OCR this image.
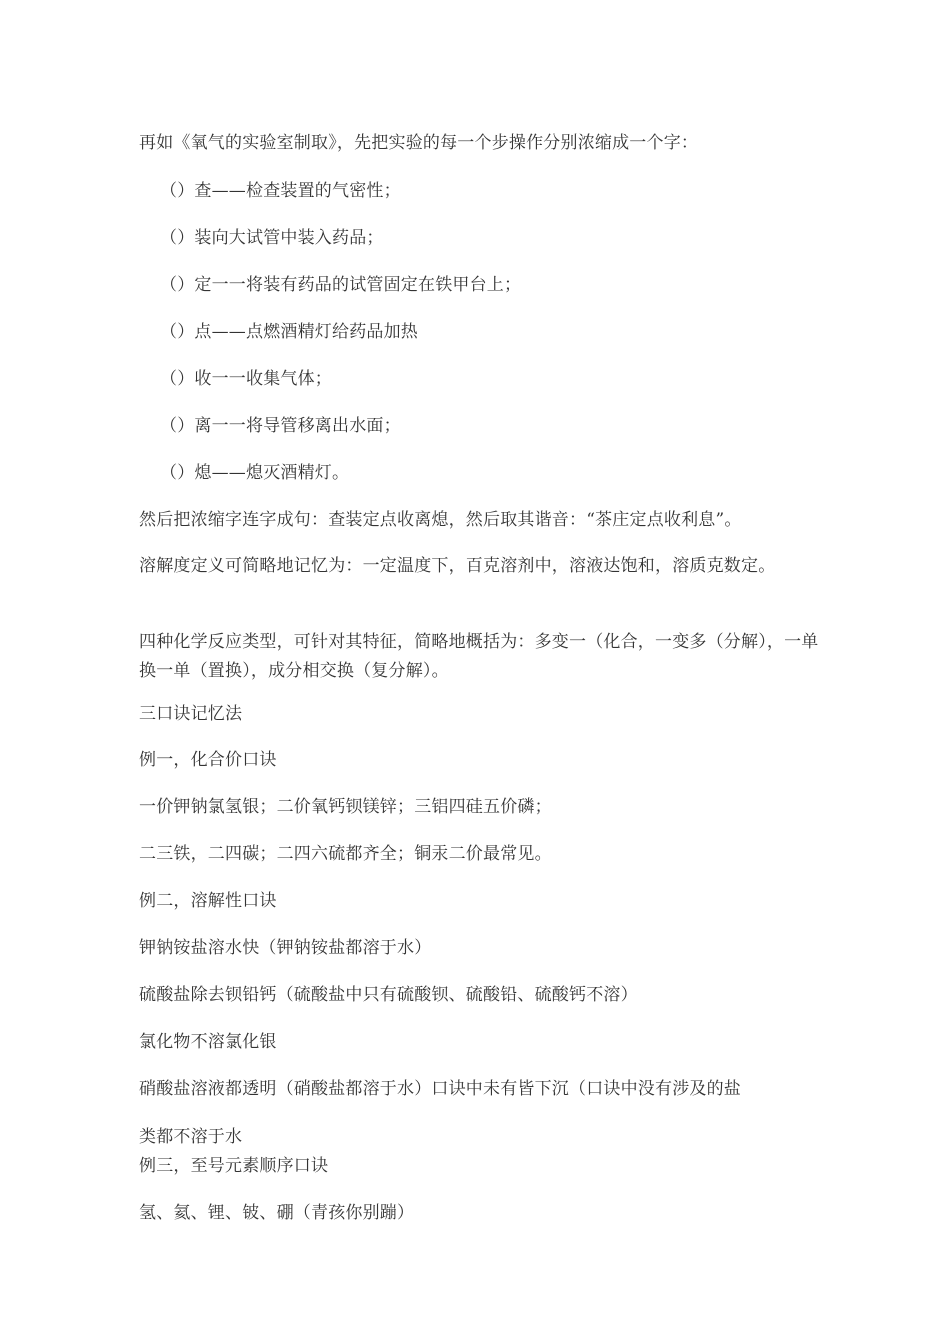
再如《氧气的实验室制取》，先把实验的每一个步操作分别浓缩成一个字：
（）查——检查装置的气密性；
（）装向大试管中装入药品；
（）定一一将装有药品的试管固定在铁甲台上；
（）点——点燃酒精灯给药品加热
（）收一一收集气体；
（）离一一将导管移离出水面；
（）熄——熄灭酒精灯。
然后把浓缩字连字成句：查装定点收离熄，然后取其谐音：“茶庄定点收利息”。
溶解度定义可简略地记忆为：一定温度下，百克溶剂中，溶液达饱和，溶质克数定。
四种化学反应类型，可针对其特征，简略地概括为：多变一（化合，一变多（分解），一单换一单（置换），成分相交换（复分解）。
三口诀记忆法
例一，化合价口诀
一价钾钠氯氢银；二价氧钙钡镁锌；三铝四硅五价磷；
二三铁，二四碳；二四六硫都齐全；铜汞二价最常见。
例二，溶解性口诀
钾钠铵盐溶水快（钾钠铵盐都溶于水）
硫酸盐除去钡铅钙（硫酸盐中只有硫酸钡、硫酸铅、硫酸钙不溶）
氯化物不溶氯化银
硝酸盐溶液都透明（硝酸盐都溶于水）口诀中未有皆下沉（口诀中没有涉及的盐
类都不溶于水
例三，至号元素顺序口诀
氢、氦、锂、铍、硼（青孩你别蹦）
